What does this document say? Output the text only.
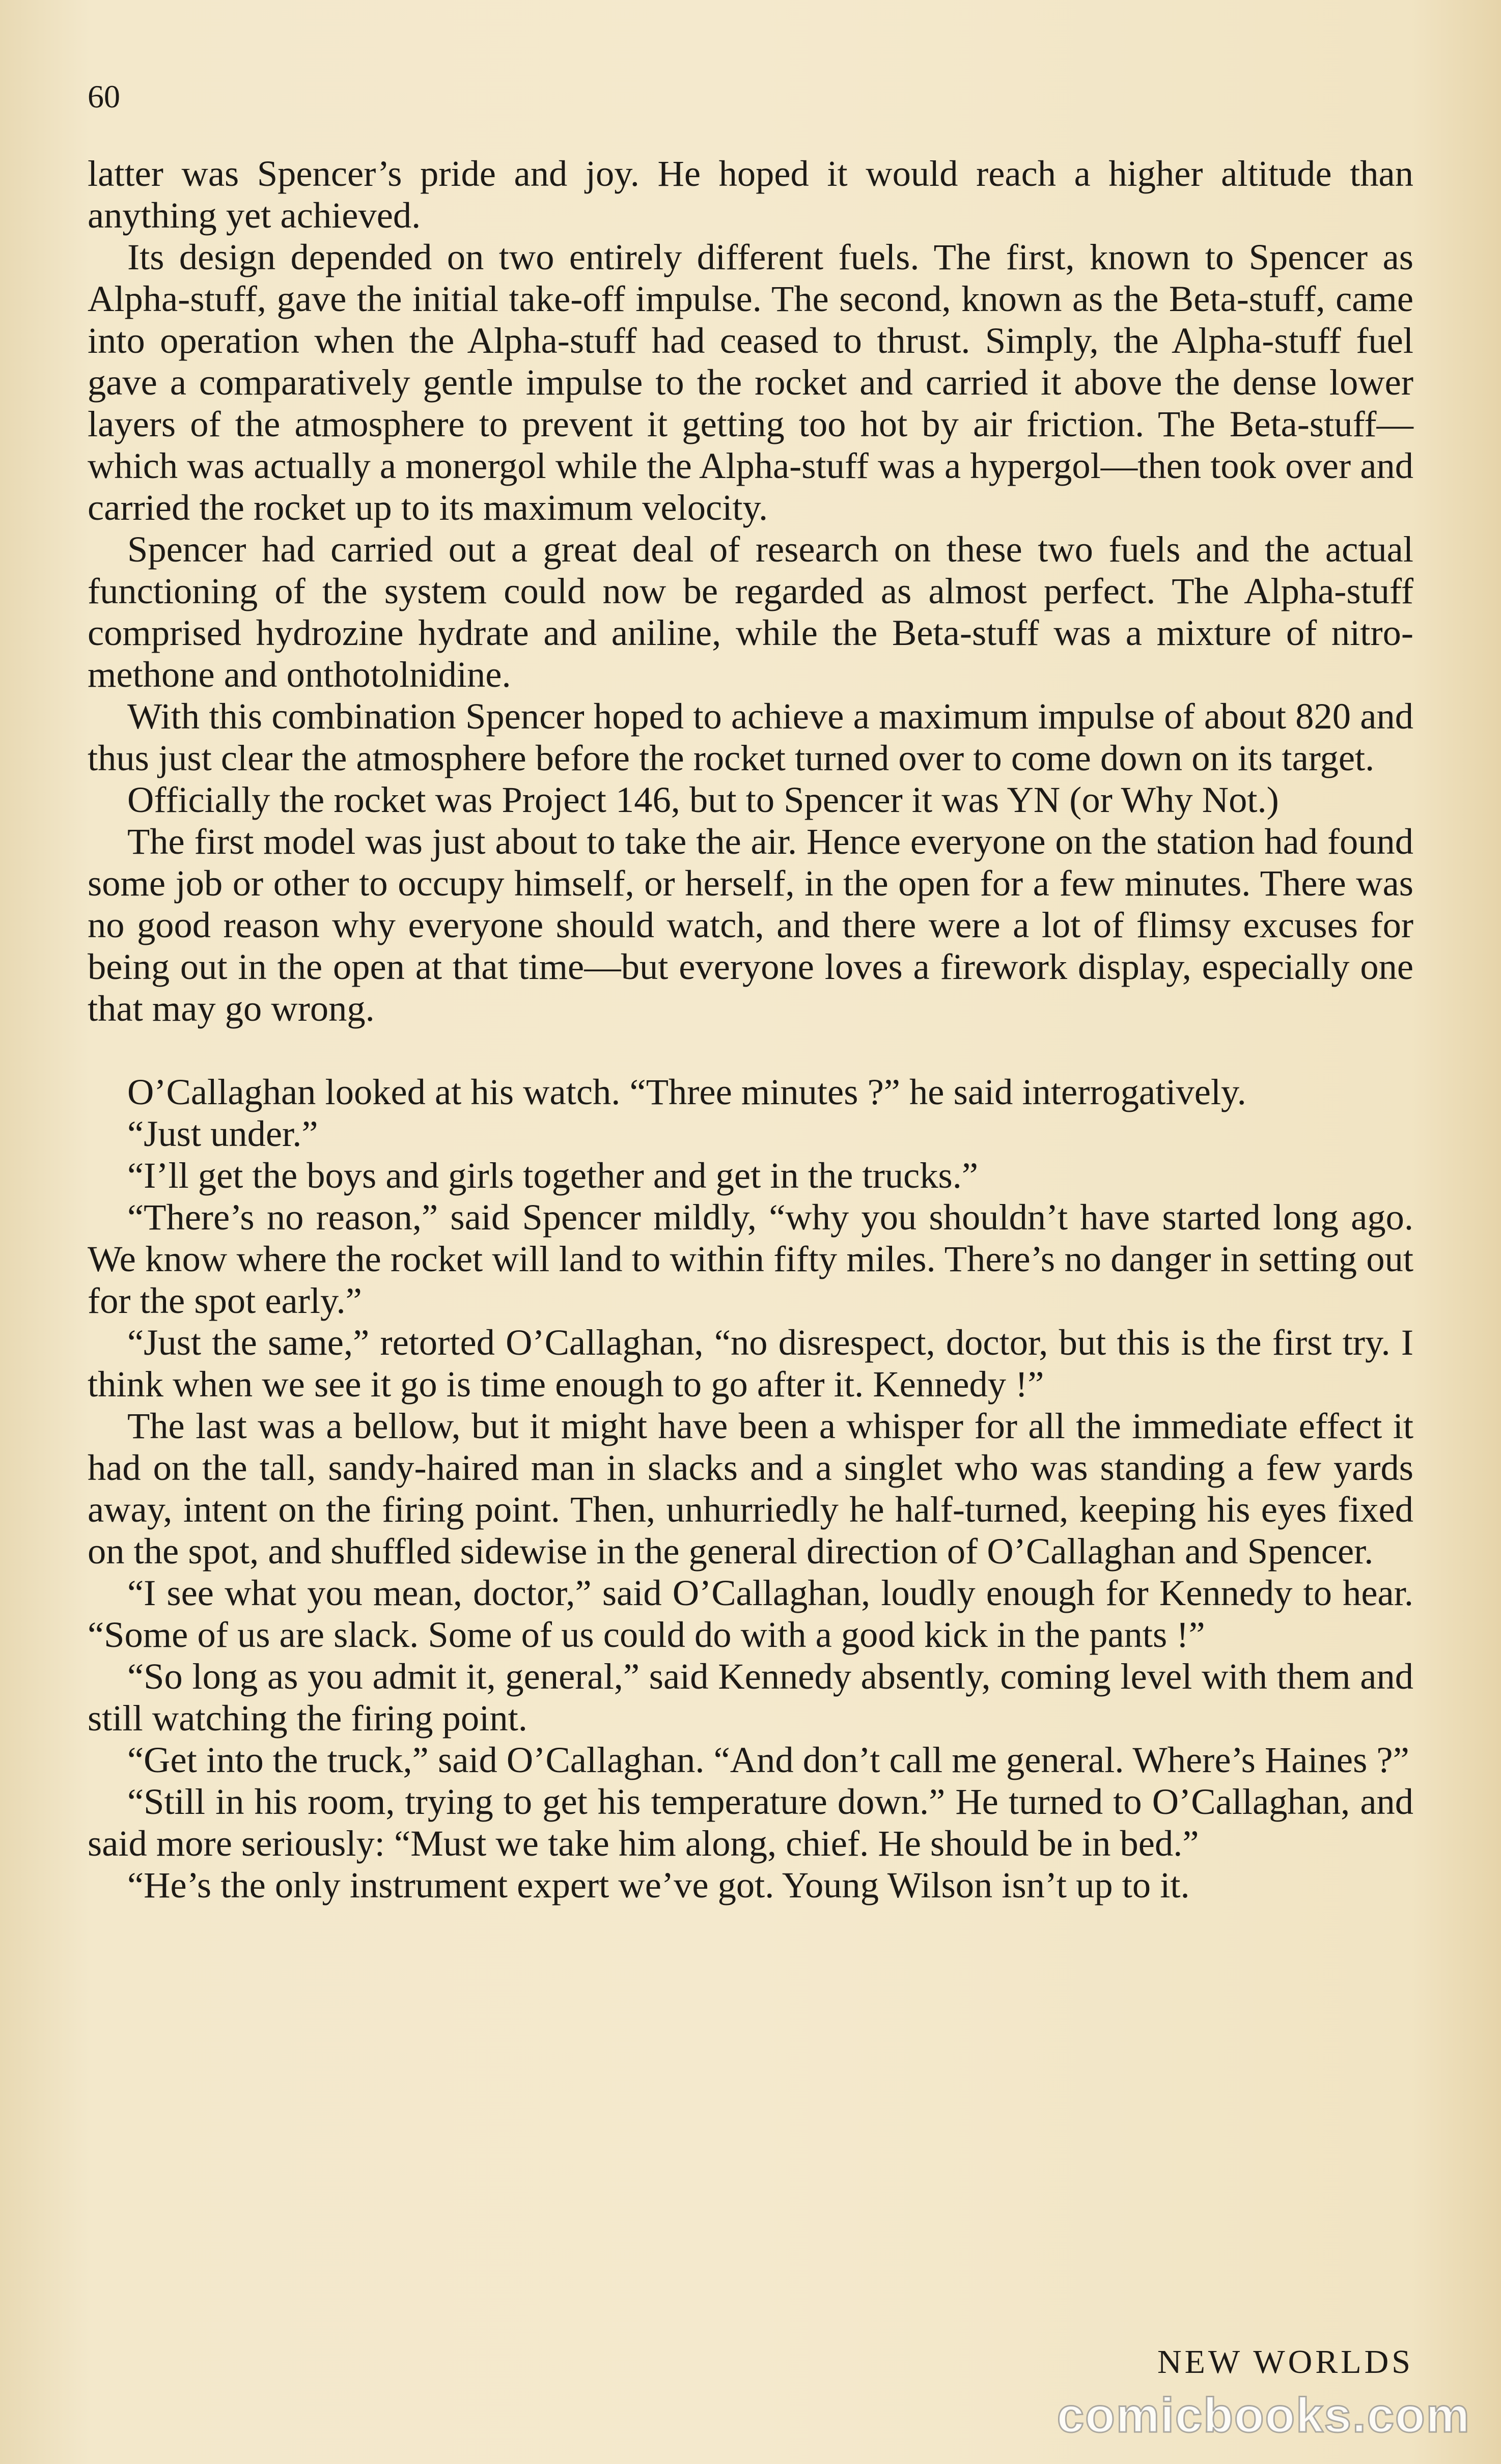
60

latter was Spencer’s pride and joy. He hoped it would reach a higher altitude than anything yet achieved.

Its design depended on two entirely different fuels. The first, known to Spencer as Alpha-stuff, gave the initial take-off impulse. The second, known as the Beta-stuff, came into operation when the Alpha-stuff had ceased to thrust. Simply, the Alpha-stuff fuel gave a comparatively gentle impulse to the rocket and carried it above the dense lower layers of the atmosphere to prevent it getting too hot by air friction. The Beta-stuff—which was actually a monergol while the Alpha-stuff was a hypergol—then took over and carried the rocket up to its maximum velocity.

Spencer had carried out a great deal of research on these two fuels and the actual functioning of the system could now be regarded as almost perfect. The Alpha-stuff comprised hydrozine hydrate and aniline, while the Beta-stuff was a mixture of nitro-methone and onthotolnidine.

With this combination Spencer hoped to achieve a maximum impulse of about 820 and thus just clear the atmosphere before the rocket turned over to come down on its target.

Officially the rocket was Project 146, but to Spencer it was YN (or Why Not.)

The first model was just about to take the air. Hence everyone on the station had found some job or other to occupy himself, or herself, in the open for a few minutes. There was no good reason why everyone should watch, and there were a lot of flimsy excuses for being out in the open at that time—but everyone loves a firework display, especially one that may go wrong.

O’Callaghan looked at his watch. “Three minutes ?” he said interrogatively.

“Just under.”

“I’ll get the boys and girls together and get in the trucks.”

“There’s no reason,” said Spencer mildly, “why you shouldn’t have started long ago. We know where the rocket will land to within fifty miles. There’s no danger in setting out for the spot early.”

“Just the same,” retorted O’Callaghan, “no disrespect, doctor, but this is the first try. I think when we see it go is time enough to go after it. Kennedy !”

The last was a bellow, but it might have been a whisper for all the immediate effect it had on the tall, sandy-haired man in slacks and a singlet who was standing a few yards away, intent on the firing point. Then, unhurriedly he half-turned, keeping his eyes fixed on the spot, and shuffled sidewise in the general direction of O’Callaghan and Spencer.

“I see what you mean, doctor,” said O’Callaghan, loudly enough for Kennedy to hear. “Some of us are slack. Some of us could do with a good kick in the pants !”

“So long as you admit it, general,” said Kennedy absently, coming level with them and still watching the firing point.

“Get into the truck,” said O’Callaghan. “And don’t call me general. Where’s Haines ?”

“Still in his room, trying to get his temperature down.” He turned to O’Callaghan, and said more seriously: “Must we take him along, chief. He should be in bed.”

“He’s the only instrument expert we’ve got. Young Wilson isn’t up to it.

NEW WORLDS
comicbooks.com
